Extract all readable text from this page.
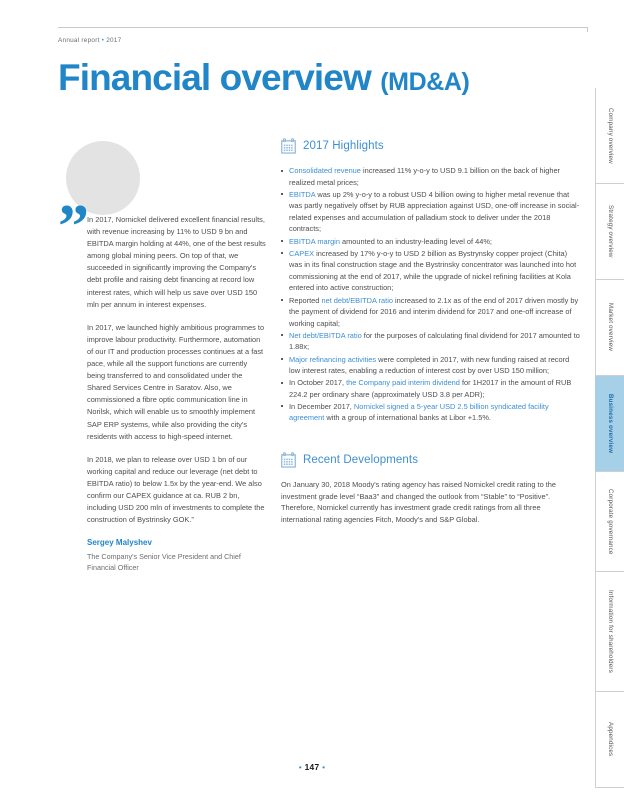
Annual report • 2017
Financial overview (MD&A)
” In 2017, Nornickel delivered excellent financial results, with revenue increasing by 11% to USD 9 bn and EBITDA margin holding at 44%, one of the best results among global mining peers. On top of that, we succeeded in significantly improving the Company's debt profile and raising debt financing at record low interest rates, which will help us save over USD 150 mln per annum in interest expenses.

In 2017, we launched highly ambitious programmes to improve labour productivity. Furthermore, automation of our IT and production processes continues at a fast pace, while all the support functions are currently being transferred to and consolidated under the Shared Services Centre in Saratov. Also, we commissioned a fibre optic communication line in Norilsk, which will enable us to smoothly implement SAP ERP systems, while also providing the city's residents with access to high-speed internet.

In 2018, we plan to release over USD 1 bn of our working capital and reduce our leverage (net debt to EBITDA ratio) to below 1.5x by the year-end. We also confirm our CAPEX guidance at ca. RUB 2 bn, including USD 200 mln of investments to complete the construction of Bystrinsky GOK.”

Sergey Malyshev
The Company's Senior Vice President and Chief Financial Officer
2017 Highlights
Consolidated revenue increased 11% y-o-y to USD 9.1 billion on the back of higher realized metal prices;
EBITDA was up 2% y-o-y to a robust USD 4 billion owing to higher metal revenue that was partly negatively offset by RUB appreciation against USD, one-off increase in social-related expenses and accumulation of palladium stock to deliver under the 2018 contracts;
EBITDA margin amounted to an industry-leading level of 44%;
CAPEX increased by 17% y-o-y to USD 2 billion as Bystrynsky copper project (Chita) was in its final construction stage and the Bystrinsky concentrator was launched into hot commissioning at the end of 2017, while the upgrade of nickel refining facilities at Kola entered into active construction;
Reported net debt/EBITDA ratio increased to 2.1x as of the end of 2017 driven mostly by the payment of dividend for 2016 and interim dividend for 2017 and one-off increase of working capital;
Net debt/EBITDA ratio for the purposes of calculating final dividend for 2017 amounted to 1.88x;
Major refinancing activities were completed in 2017, with new funding raised at record low interest rates, enabling a reduction of interest cost by over USD 150 million;
In October 2017, the Company paid interim dividend for 1H2017 in the amount of RUB 224.2 per ordinary share (approximately USD 3.8 per ADR);
In December 2017, Nornickel signed a 5-year USD 2.5 billion syndicated facility agreement with a group of international banks at Libor +1.5%.
Recent Developments
On January 30, 2018 Moody's rating agency has raised Nornickel credit rating to the investment grade level “Baa3” and changed the outlook from “Stable” to “Positive”. Therefore, Nornickel currently has investment grade credit ratings from all three international rating agencies Fitch, Moody's and S&P Global.
Company overview
Strategy overview
Market overview
Business overview
Corporate governance
Information for shareholders
Appendices
• 147 •
